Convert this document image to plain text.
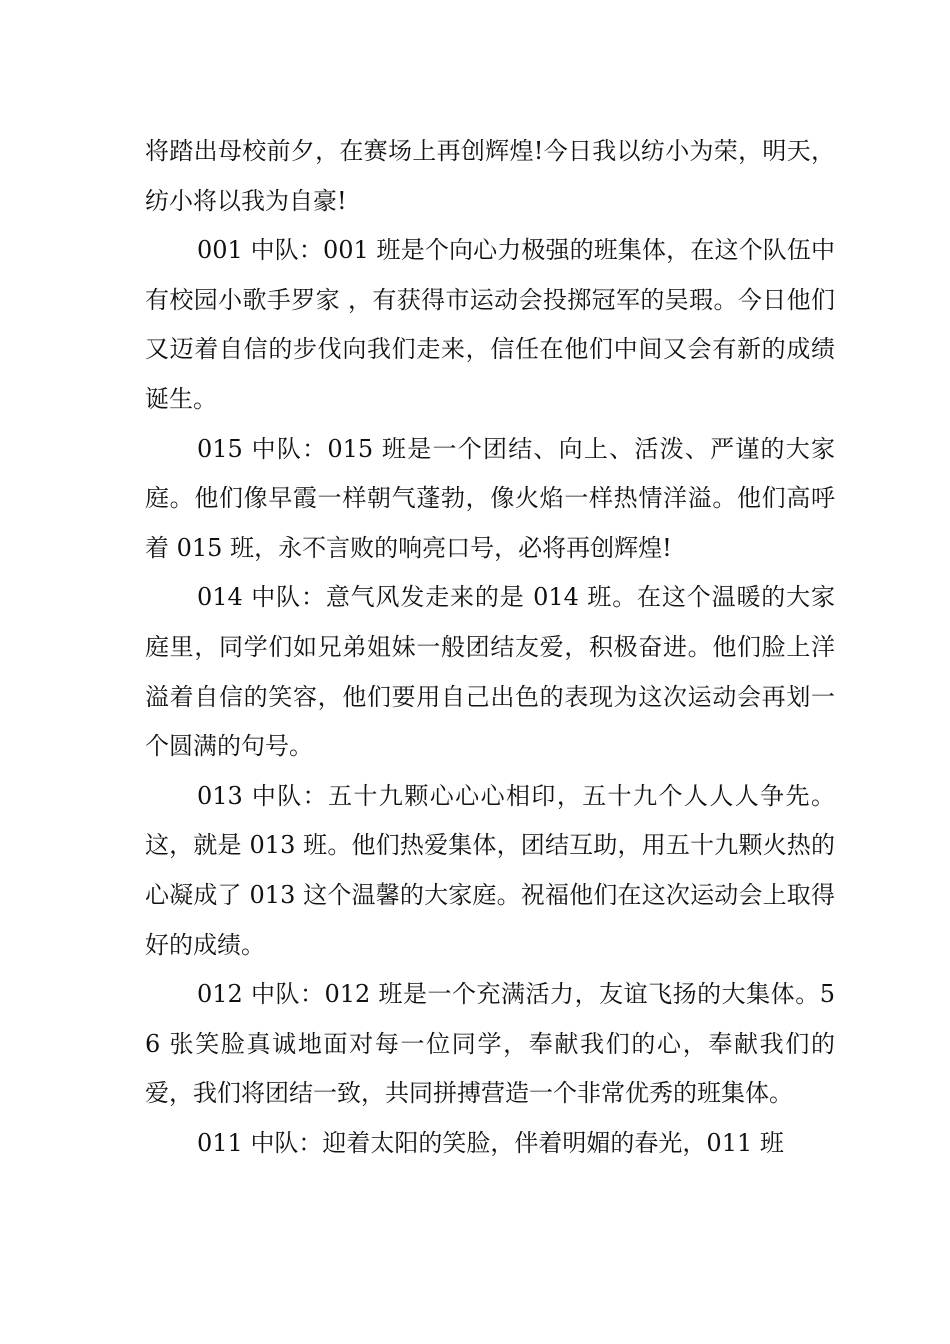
将踏出母校前夕，在赛场上再创辉煌!今日我以纺小为荣，明天，纺小将以我为自豪!

001 中队：001 班是个向心力极强的班集体，在这个队伍中有校园小歌手罗家 ，有获得市运动会投掷冠军的吴瑕。今日他们又迈着自信的步伐向我们走来，信任在他们中间又会有新的成绩诞生。

015 中队：015 班是一个团结、向上、活泼、严谨的大家庭。他们像早霞一样朝气蓬勃，像火焰一样热情洋溢。他们高呼着 015 班，永不言败的响亮口号，必将再创辉煌!

014 中队：意气风发走来的是 014 班。在这个温暖的大家庭里，同学们如兄弟姐妹一般团结友爱，积极奋进。他们脸上洋溢着自信的笑容，他们要用自己出色的表现为这次运动会再划一个圆满的句号。

013 中队：五十九颗心心心相印，五十九个人人人争先。这，就是 013 班。他们热爱集体，团结互助，用五十九颗火热的心凝成了 013 这个温馨的大家庭。祝福他们在这次运动会上取得好的成绩。

012 中队：012 班是一个充满活力，友谊飞扬的大集体。56 张笑脸真诚地面对每一位同学，奉献我们的心，奉献我们的爱，我们将团结一致，共同拼搏营造一个非常优秀的班集体。

011 中队：迎着太阳的笑脸，伴着明媚的春光，011 班
